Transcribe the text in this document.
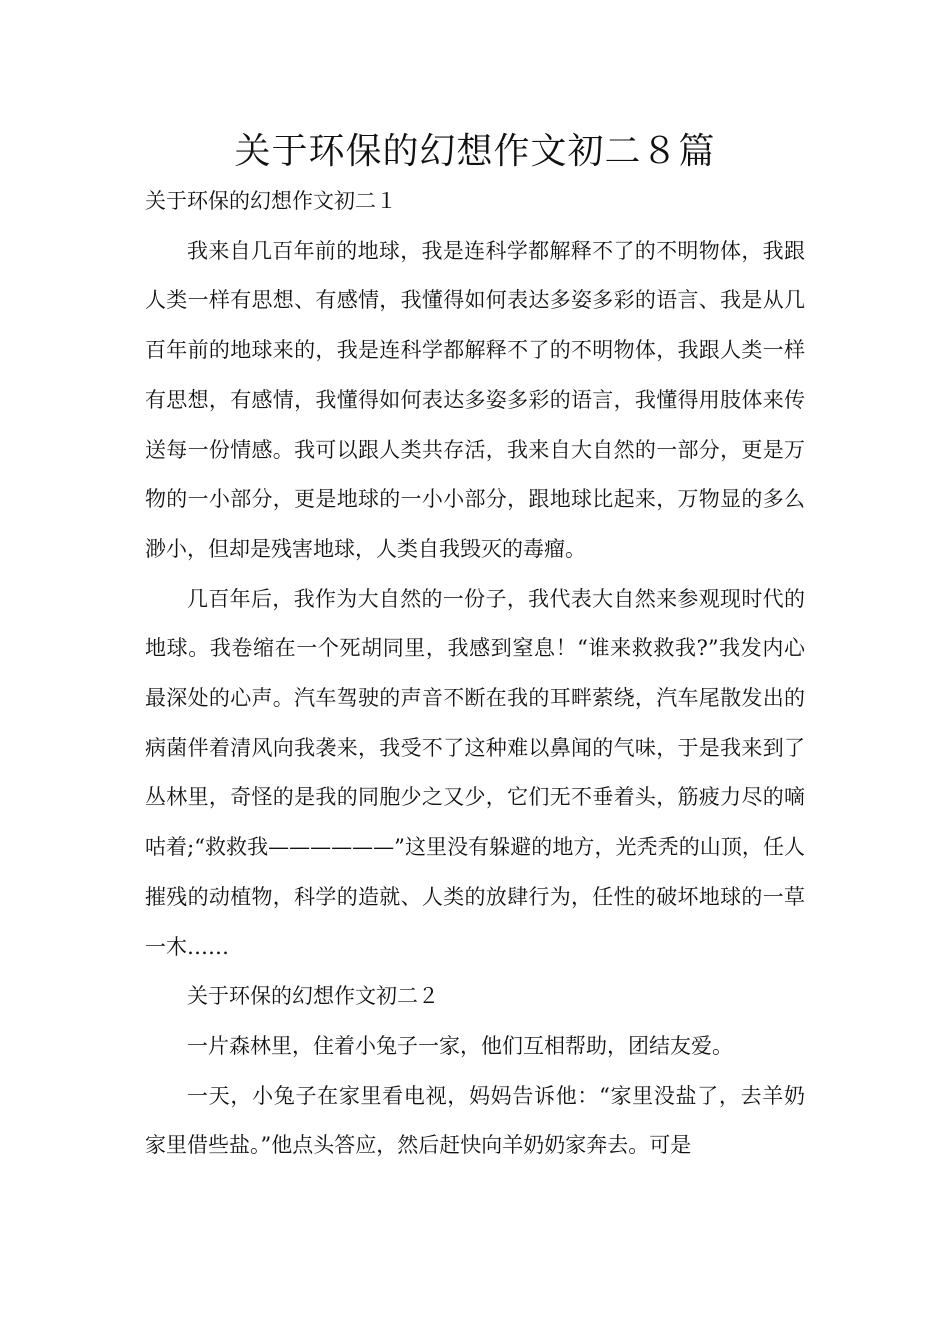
关于环保的幻想作文初二８篇

关于环保的幻想作文初二１

我来自几百年前的地球，我是连科学都解释不了的不明物体，我跟人类一样有思想、有感情，我懂得如何表达多姿多彩的语言、我是从几百年前的地球来的，我是连科学都解释不了的不明物体，我跟人类一样有思想，有感情，我懂得如何表达多姿多彩的语言，我懂得用肢体来传送每一份情感。我可以跟人类共存活，我来自大自然的一部分，更是万物的一小部分，更是地球的一小小部分，跟地球比起来，万物显的多么渺小，但却是残害地球，人类自我毁灭的毒瘤。

几百年后，我作为大自然的一份子，我代表大自然来参观现时代的地球。我卷缩在一个死胡同里，我感到窒息！“谁来救救我?”我发内心最深处的心声。汽车驾驶的声音不断在我的耳畔萦绕，汽车尾散发出的病菌伴着清风向我袭来，我受不了这种难以鼻闻的气味，于是我来到了丛林里，奇怪的是我的同胞少之又少，它们无不垂着头，筋疲力尽的嘀咕着;“救救我——————”这里没有躲避的地方，光秃秃的山顶，任人摧残的动植物，科学的造就、人类的放肆行为，任性的破坏地球的一草一木……

关于环保的幻想作文初二２

一片森林里，住着小兔子一家，他们互相帮助，团结友爱。

一天，小兔子在家里看电视，妈妈告诉他：“家里没盐了，去羊奶家里借些盐。”他点头答应，然后赶快向羊奶奶家奔去。可是
